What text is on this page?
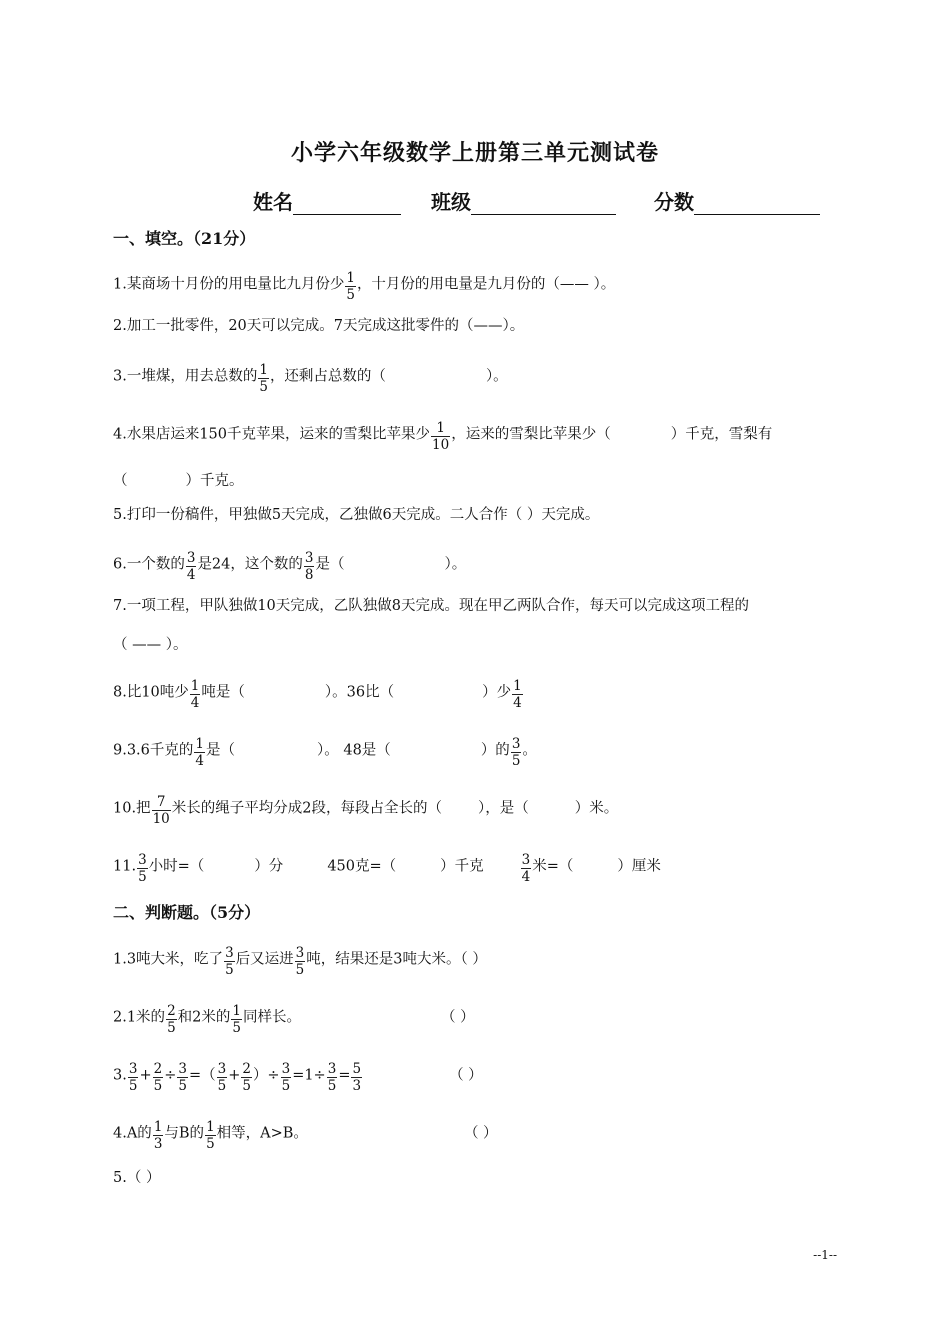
小学六年级数学上册第三单元测试卷
姓名	班级	分数
一、填空。（21分）
1.某商场十月份的用电量比九月份少 $\frac{1}{5}$ ，十月份的用电量是九月份的（—— ）。
2.加工一批零件，20天可以完成。7天完成这批零件的（——）。
3.一堆煤，用去总数的 $\frac{1}{5}$ ，还剩占总数的（	）。
4.水果店运来150千克苹果，运来的雪梨比苹果少 $\frac{1}{10}$ ，运来的雪梨比苹果少（	）千克，雪梨有
（	）千克。
5.打印一份稿件，甲独做5天完成，乙独做6天完成。二人合作（ ）天完成。
6.一个数的 $\frac{3}{4}$ 是24，这个数的 $\frac{3}{8}$ 是（	）。
7.一项工程，甲队独做10天完成，乙队独做8天完成。现在甲乙两队合作，每天可以完成这项工程的
（ —— ）。
8.比10吨少 $\frac{1}{4}$ 吨是（	）。36比（	）少 $\frac{1}{4}$
9.3.6千克的 $\frac{1}{4}$ 是（	）。 48是（	）的 $\frac{3}{5}$ 。
10.把 $\frac{7}{10}$ 米长的绳子平均分成2段，每段占全长的（ ），是（	）米。
11. $\frac{3}{5}$ 小时=（	）分	450克=（	）千克	$\frac{3}{4}$ 米=（	）厘米
二、判断题。（5分）
1.3吨大米，吃了 $\frac{3}{5}$ 后又运进 $\frac{3}{5}$ 吨，结果还是3吨大米。（ ）
2.1米的 $\frac{2}{5}$ 和2米的 $\frac{1}{5}$ 同样长。	（ ）
3. $\frac{3}{5} + \frac{2}{5} \div \frac{3}{5}$ =（ $\frac{3}{5} + \frac{2}{5}$ ）÷ $\frac{3}{5} =1\div \frac{3}{5} = \frac{5}{3}$	（ ）
4.A的 $\frac{1}{3}$ 与B的 $\frac{1}{5}$ 相等，A>B。	（ ）
5.（ ）
--1--
